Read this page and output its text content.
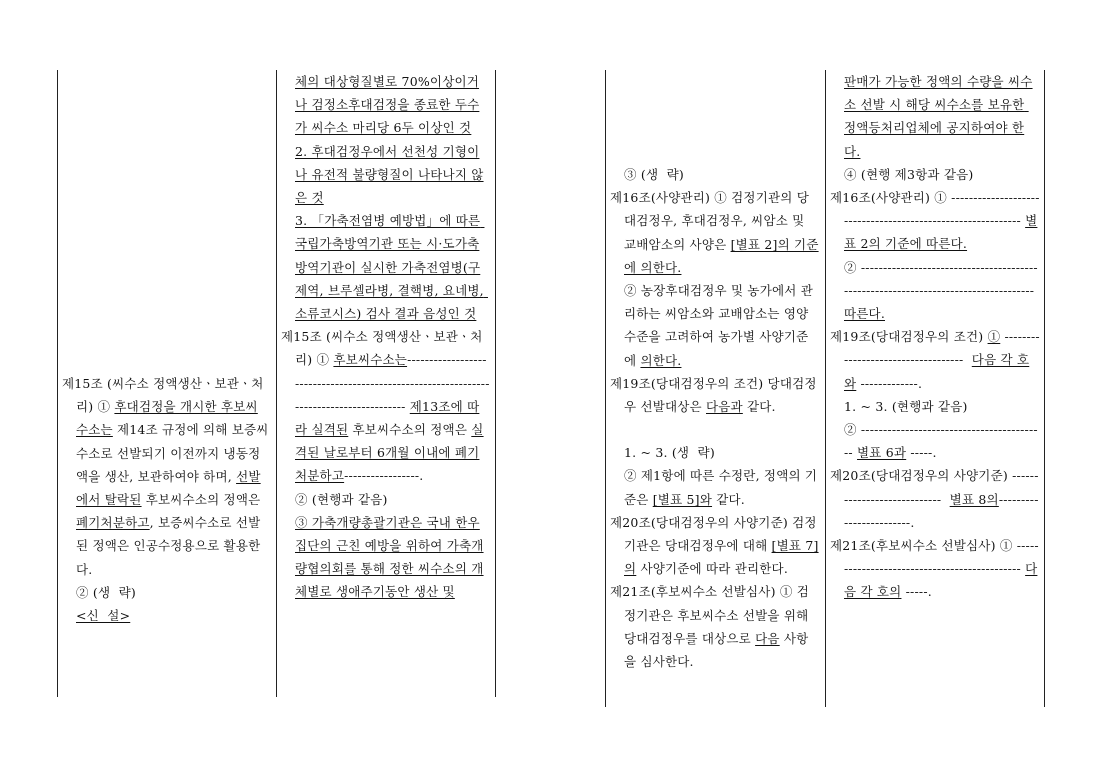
제15조 (씨수소 정액생산ㆍ보관ㆍ처리) ① 후대검정을 개시한 후보씨수소는 제14조 규정에 의해 보증씨수소로 선발되기 이전까지 냉동정액을 생산, 보관하여야 하며, 선발에서 탈락된 후보씨수소의 정액은 폐기처분하고, 보증씨수소로 선발된 정액은 인공수정용으로 활용한다.

② (생  략)

<신  설>

체의 대상형질별로 70%이상이거나 검정소후대검정을 종료한 두수가 씨수소 마리당 6두 이상인 것

2. 후대검정우에서 선천성 기형이나 유전적 불량형질이 나타나지 않은 것

3. 「가축전염병 예방법」에 따른 국립가축방역기관 또는 시·도가축방역기관이 실시한 가축전염병(구제역, 브루셀라병, 결핵병, 요네병, 소류코시스) 검사 결과 음성인 것

제15조 (씨수소 정액생산ㆍ보관ㆍ처리) ① 후보씨수소는--------------------------------------------------------------------------------------- 제13조에 따라 실격된 후보씨수소의 정액은 실격된 날로부터 6개월 이내에 폐기처분하고-----------------.

② (현행과 같음)

③ 가축개량총괄기관은 국내 한우집단의 근친 예방을 위하여 가축개량협의회를 통해 정한 씨수소의 개체별로 생애주기동안 생산 및

③ (생  략)

제16조(사양관리) ① 검정기관의 당대검정우, 후대검정우, 씨암소 및 교배암소의 사양은 [별표 2]의 기준에 의한다.

② 농장후대검정우 및 농가에서 관리하는 씨암소와 교배암소는 영양수준을 고려하여 농가별 사양기준에 의한다.

제19조(당대검정우의 조건) 당대검정우 선발대상은 다음과 같다.

1. ~ 3. (생  략)

② 제1항에 따른 수정란, 정액의 기준은 [별표 5]와 같다.

제20조(당대검정우의 사양기준) 검정기관은 당대검정우에 대해 [별표 7]의 사양기준에 따라 관리한다.

제21조(후보씨수소 선발심사) ① 검정기관은 후보씨수소 선발을 위해 당대검정우를 대상으로 다음 사항을 심사한다.

판매가 가능한 정액의 수량을 씨수소 선발 시 해당 씨수소를 보유한 정액등처리업체에 공지하여야 한다.

④ (현행 제3항과 같음)

제16조(사양관리) ① ------------------------------------------------------------ 별표 2의 기준에 따른다.

② -----------------------------------------------------------------------------------따른다.

제19조(당대검정우의 조건) ① -----------------------------------  다음 각 호와 -------------.

1. ~ 3. (현행과 같음)

② ------------------------------------------ 별표 6과 -----.

제20조(당대검정우의 사양기준) ----------------------------  별표 8의------------------------.

제21조(후보씨수소 선발심사) ① --------------------------------------------- 다음 각 호의 -----.
